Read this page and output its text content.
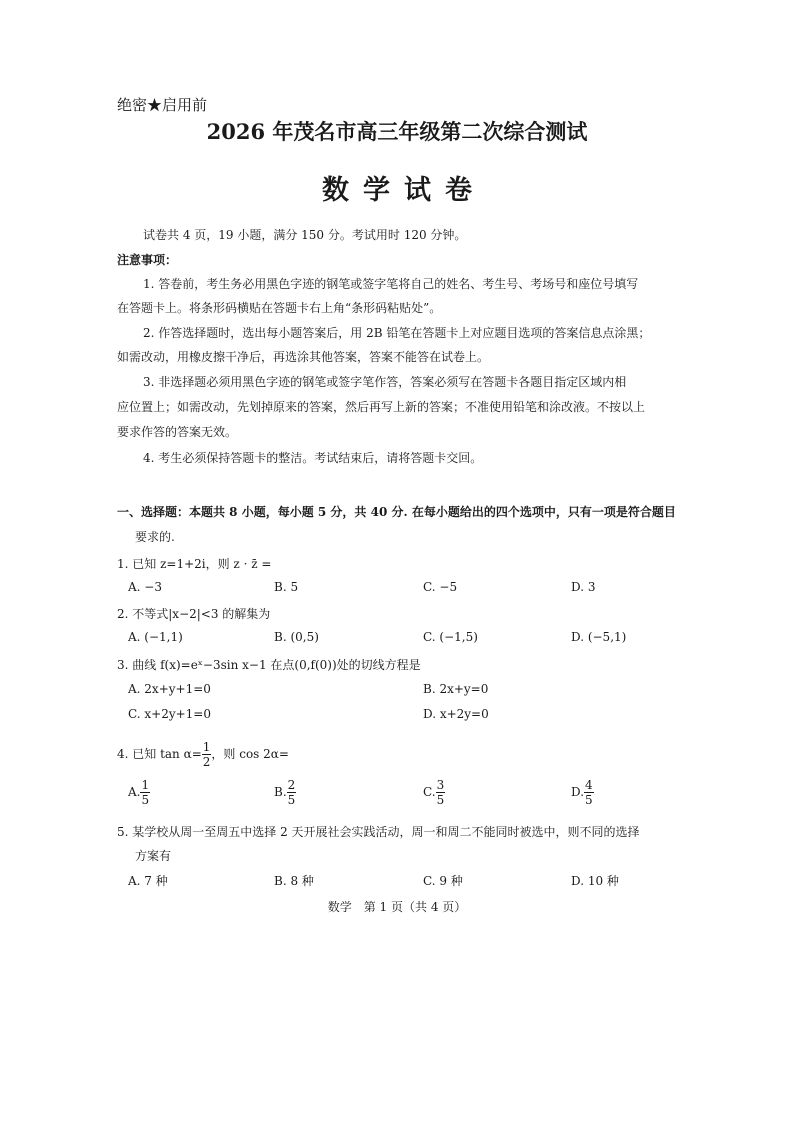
绝密★启用前
2026 年茂名市高三年级第二次综合测试
数学试卷
试卷共 4 页，19 小题，满分 150 分。考试用时 120 分钟。
注意事项：
1. 答卷前，考生务必用黑色字迹的钢笔或签字笔将自己的姓名、考生号、考场号和座位号填写
在答题卡上。将条形码横贴在答题卡右上角“条形码粘贴处”。
2. 作答选择题时，选出每小题答案后，用 2B 铅笔在答题卡上对应题目选项的答案信息点涂黑；
如需改动，用橡皮擦干净后，再选涂其他答案，答案不能答在试卷上。
3. 非选择题必须用黑色字迹的钢笔或签字笔作答，答案必须写在答题卡各题目指定区域内相
应位置上；如需改动，先划掉原来的答案，然后再写上新的答案；不准使用铅笔和涂改液。不按以上
要求作答的答案无效。
4. 考生必须保持答题卡的整洁。考试结束后，请将答题卡交回。
一、选择题：本题共 8 小题，每小题 5 分，共 40 分. 在每小题给出的四个选项中，只有一项是符合题目
要求的.
1. 已知 z=1+2i，则 z · z̄ =
A. −3	B. 5	C. −5	D. 3
2. 不等式|x−2|<3 的解集为
A. (−1,1)	B. (0,5)	C. (−1,5)	D. (−5,1)
3. 曲线 f(x)=eˣ−3sin x−1 在点(0,f(0))处的切线方程是
A. 2x+y+1=0	B. 2x+y=0
C. x+2y+1=0	D. x+2y=0
4. 已知 $\tan \alpha= \frac{1}{2}$ ，则 cos 2α=
A. $\frac{1}{5}$	B. $\frac{2}{5}$	C. $\frac{3}{5}$	D. $\frac{4}{5}$
5. 某学校从周一至周五中选择 2 天开展社会实践活动，周一和周二不能同时被选中，则不同的选择
方案有
A. 7 种	B. 8 种	C. 9 种	D. 10 种
数学　第 1 页（共 4 页）
